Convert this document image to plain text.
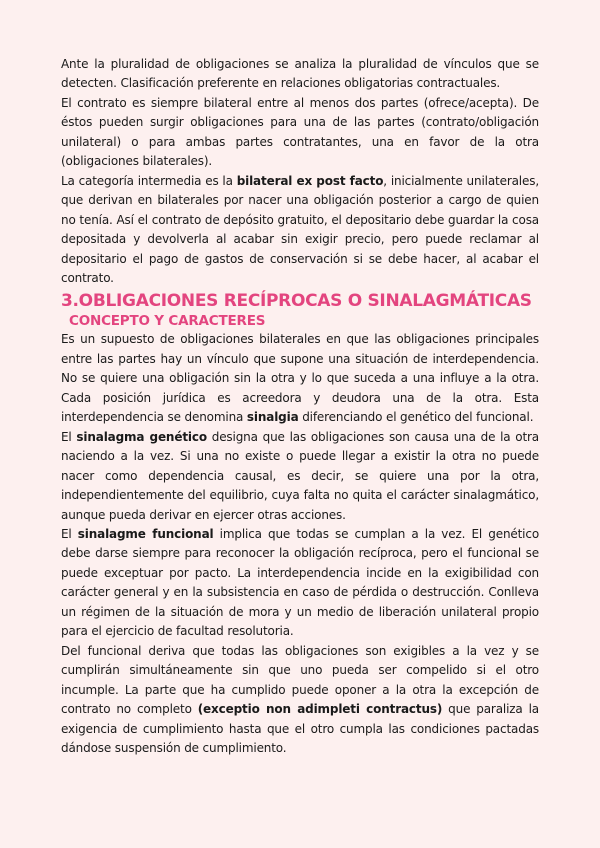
Ante la pluralidad de obligaciones se analiza la pluralidad de vínculos que se detecten. Clasificación preferente en relaciones obligatorias contractuales.

El contrato es siempre bilateral entre al menos dos partes (ofrece/acepta). De éstos pueden surgir obligaciones para una de las partes (contrato/obligación unilateral) o para ambas partes contratantes, una en favor de la otra (obligaciones bilaterales).

La categoría intermedia es la bilateral ex post facto, inicialmente unilaterales, que derivan en bilaterales por nacer una obligación posterior a cargo de quien no tenía. Así el contrato de depósito gratuito, el depositario debe guardar la cosa depositada y devolverla al acabar sin exigir precio, pero puede reclamar al depositario el pago de gastos de conservación si se debe hacer, al acabar el contrato.

3.OBLIGACIONES RECÍPROCAS O SINALAGMÁTICAS
CONCEPTO Y CARACTERES

Es un supuesto de obligaciones bilaterales en que las obligaciones principales entre las partes hay un vínculo que supone una situación de interdependencia. No se quiere una obligación sin la otra y lo que suceda a una influye a la otra. Cada posición jurídica es acreedora y deudora una de la otra. Esta interdependencia se denomina sinalgia diferenciando el genético del funcional.

El sinalagma genético designa que las obligaciones son causa una de la otra naciendo a la vez. Si una no existe o puede llegar a existir la otra no puede nacer como dependencia causal, es decir, se quiere una por la otra, independientemente del equilibrio, cuya falta no quita el carácter sinalagmático, aunque pueda derivar en ejercer otras acciones.

El sinalagme funcional implica que todas se cumplan a la vez. El genético debe darse siempre para reconocer la obligación recíproca, pero el funcional se puede exceptuar por pacto. La interdependencia incide en la exigibilidad con carácter general y en la subsistencia en caso de pérdida o destrucción. Conlleva un régimen de la situación de mora y un medio de liberación unilateral propio para el ejercicio de facultad resolutoria.

Del funcional deriva que todas las obligaciones son exigibles a la vez y se cumplirán simultáneamente sin que uno pueda ser compelido si el otro incumple. La parte que ha cumplido puede oponer a la otra la excepción de contrato no completo (exceptio non adimpleti contractus) que paraliza la exigencia de cumplimiento hasta que el otro cumpla las condiciones pactadas dándose suspensión de cumplimiento.
